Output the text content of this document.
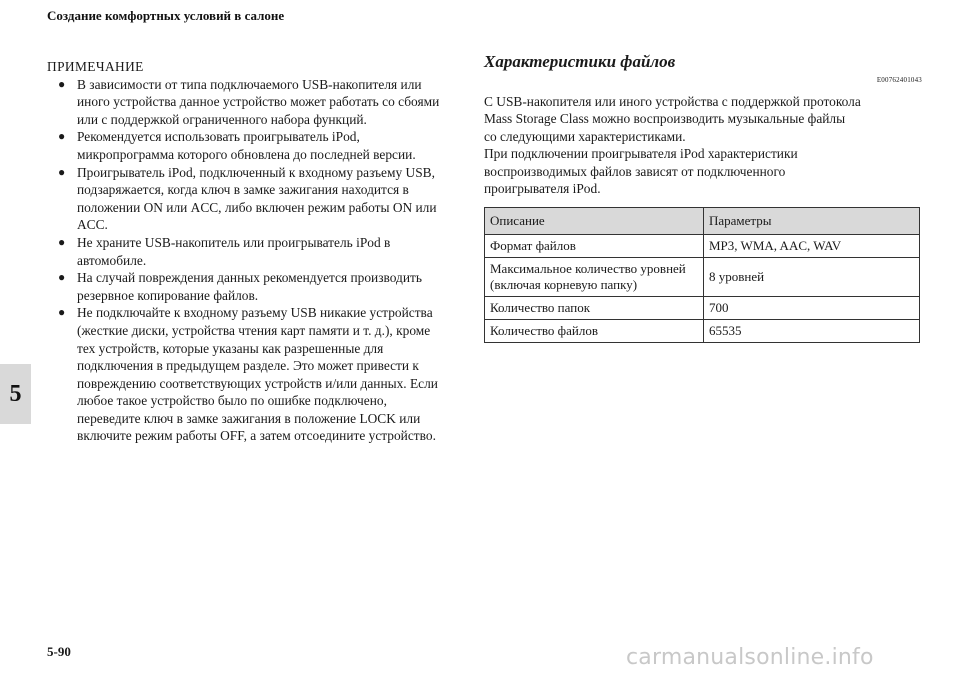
Создание комфортных условий в салоне
5
ПРИМЕЧАНИЕ
● В зависимости от типа подключаемого USB-накопителя или иного устройства данное устройство может работать со сбоями или с поддержкой ограниченного набора функций.
● Рекомендуется использовать проигрыватель iPod, микропрограмма которого обновлена до последней версии.
● Проигрыватель iPod, подключенный к входному разъему USB, подзаряжается, когда ключ в замке зажигания находится в положении ON или ACC, либо включен режим работы ON или ACC.
● Не храните USB-накопитель или проигрыватель iPod в автомобиле.
● На случай повреждения данных рекомендуется производить резервное копирование файлов.
● Не подключайте к входному разъему USB никакие устройства (жесткие диски, устройства чтения карт памяти и т. д.), кроме тех устройств, которые указаны как разрешенные для подключения в предыдущем разделе. Это может привести к повреждению соответствующих устройств и/или данных. Если любое такое устройство было по ошибке подключено, переведите ключ в замке зажигания в положение LOCK или включите режим работы OFF, а затем отсоедините устройство.
Характеристики файлов
E00762401043
С USB-накопителя или иного устройства с поддержкой протокола
Mass Storage Class можно воспроизводить музыкальные файлы
со следующими характеристиками.
При подключении проигрывателя iPod характеристики
воспроизводимых файлов зависят от подключенного
проигрывателя iPod.
Описание	Параметры
Формат файлов	MP3, WMA, AAC, WAV

Максимальное количество уровней
(включая корневую папку)	8 уровней
Количество папок	700
Количество файлов	65535
5-90	carmanualsonline.info
